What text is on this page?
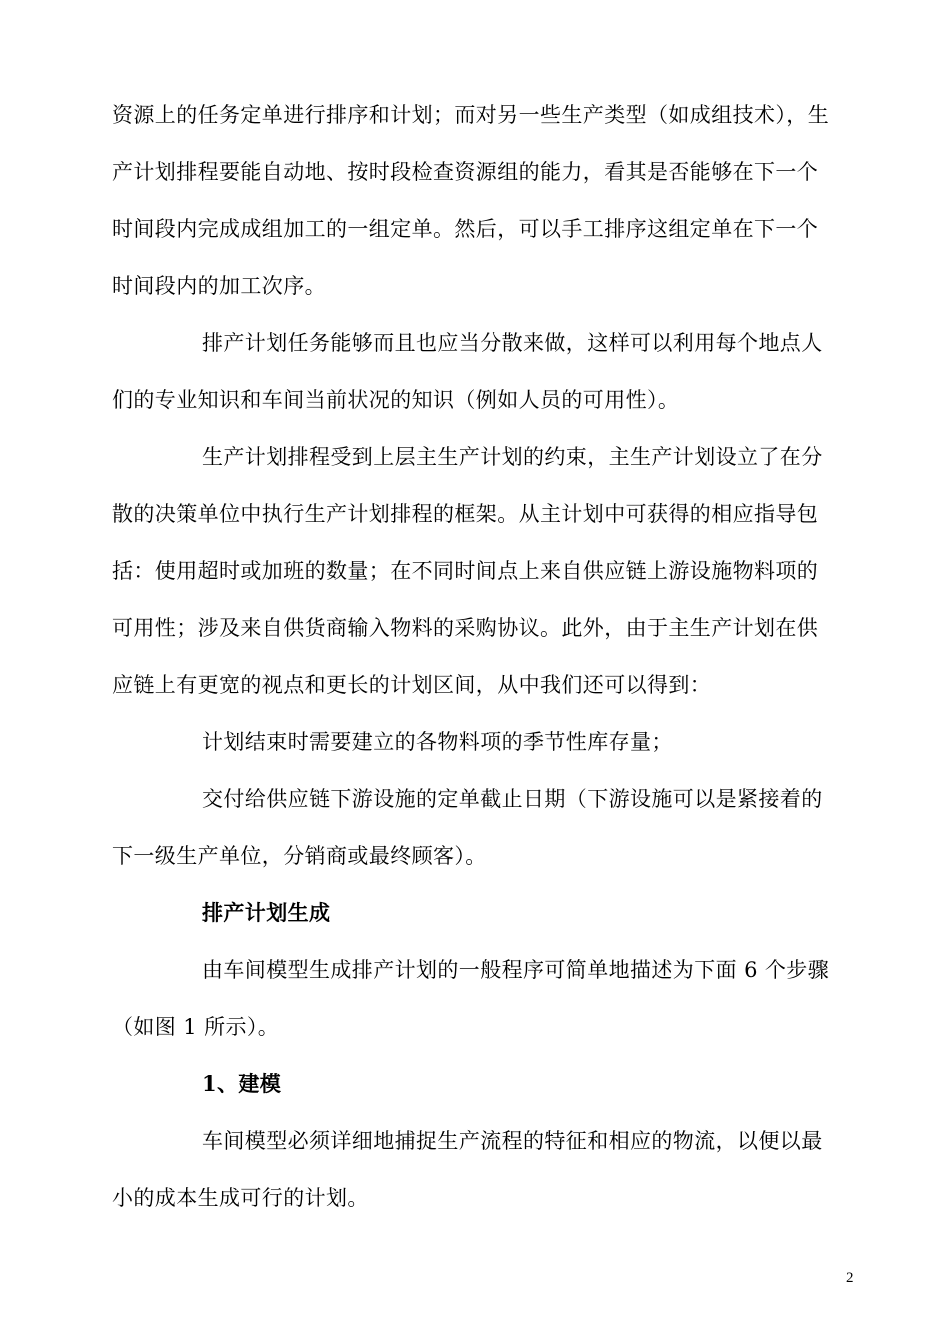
资源上的任务定单进行排序和计划；而对另一些生产类型（如成组技术），生
产计划排程要能自动地、按时段检查资源组的能力，看其是否能够在下一个
时间段内完成成组加工的一组定单。然后，可以手工排序这组定单在下一个
时间段内的加工次序。
排产计划任务能够而且也应当分散来做，这样可以利用每个地点人
们的专业知识和车间当前状况的知识（例如人员的可用性）。
生产计划排程受到上层主生产计划的约束，主生产计划设立了在分
散的决策单位中执行生产计划排程的框架。从主计划中可获得的相应指导包
括：使用超时或加班的数量；在不同时间点上来自供应链上游设施物料项的
可用性；涉及来自供货商输入物料的采购协议。此外，由于主生产计划在供
应链上有更宽的视点和更长的计划区间，从中我们还可以得到：
计划结束时需要建立的各物料项的季节性库存量；
交付给供应链下游设施的定单截止日期（下游设施可以是紧接着的
下一级生产单位，分销商或最终顾客）。
排产计划生成
由车间模型生成排产计划的一般程序可简单地描述为下面 6 个步骤
（如图 1 所示）。
1、建模
车间模型必须详细地捕捉生产流程的特征和相应的物流，以便以最
小的成本生成可行的计划。
2
